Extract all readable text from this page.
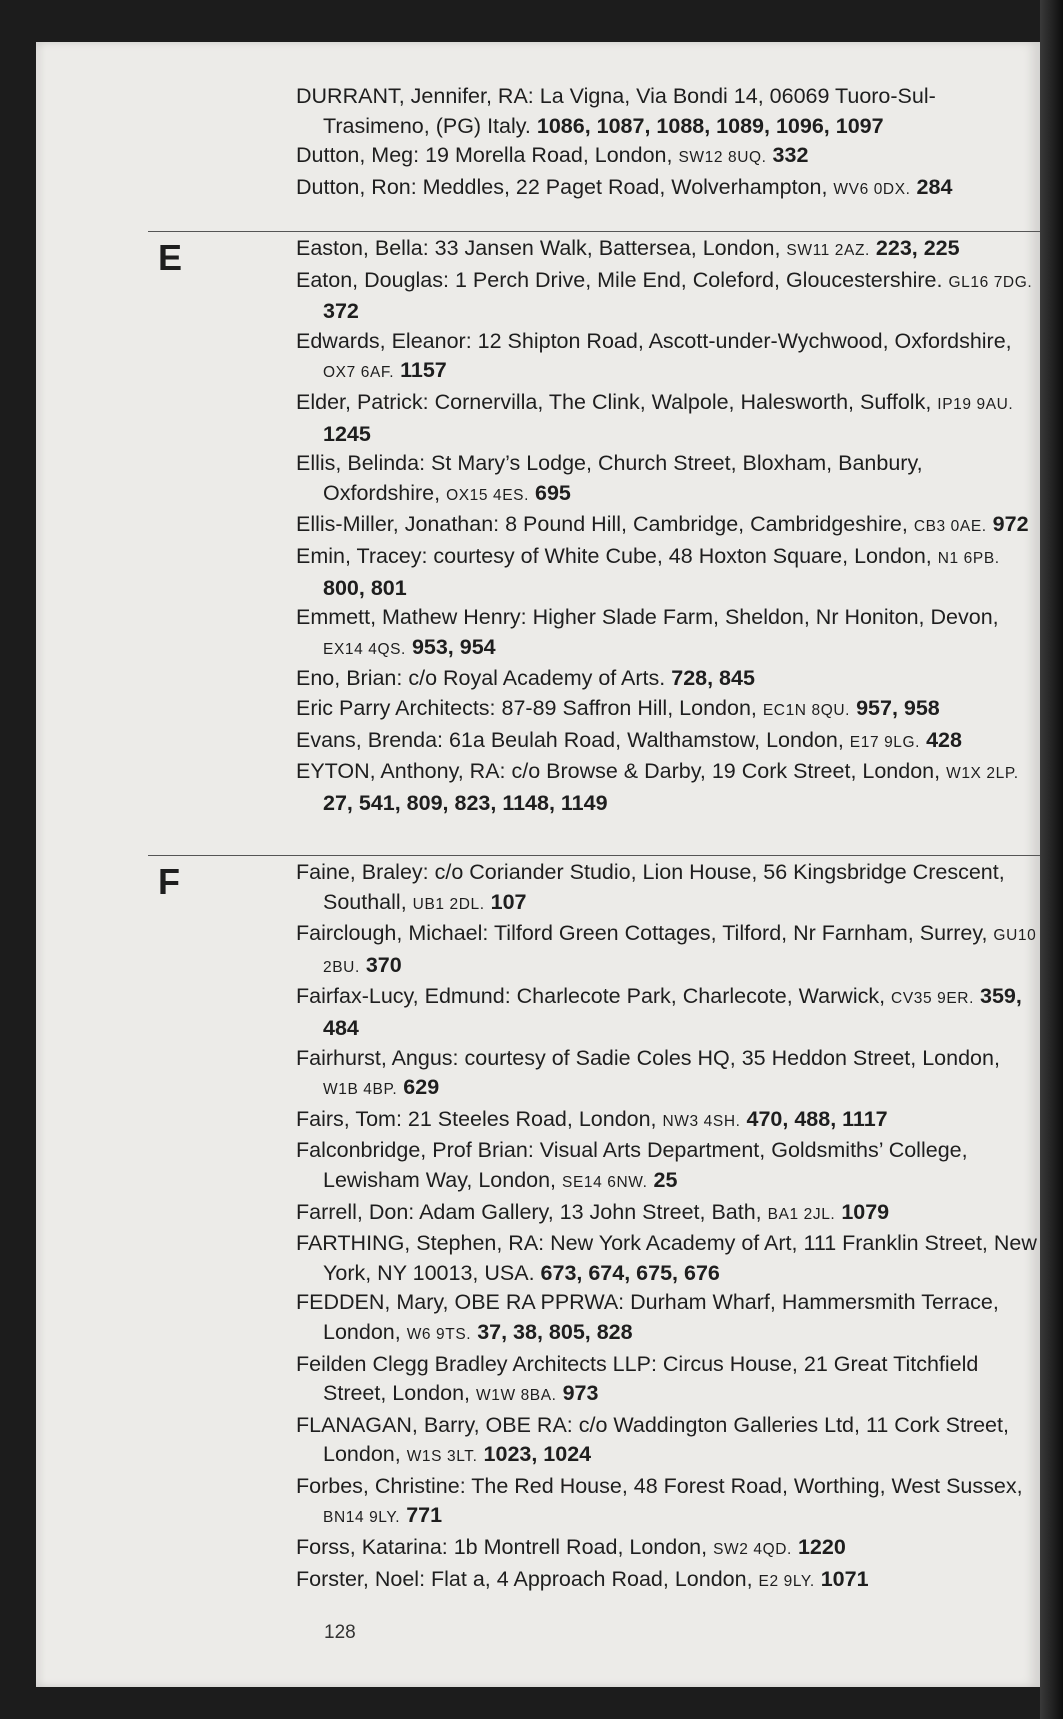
DURRANT, Jennifer, RA: La Vigna, Via Bondi 14, 06069 Tuoro-Sul-Trasimeno, (PG) Italy. 1086, 1087, 1088, 1089, 1096, 1097

Dutton, Meg: 19 Morella Road, London, SW12 8UQ. 332

Dutton, Ron: Meddles, 22 Paget Road, Wolverhampton, WV6 0DX. 284

E	Easton, Bella: 33 Jansen Walk, Battersea, London, SW11 2AZ. 223, 225

Eaton, Douglas: 1 Perch Drive, Mile End, Coleford, Gloucestershire. GL16 7DG. 372

Edwards, Eleanor: 12 Shipton Road, Ascott-under-Wychwood, Oxfordshire, OX7 6AF. 1157

Elder, Patrick: Cornervilla, The Clink, Walpole, Halesworth, Suffolk, IP19 9AU. 1245

Ellis, Belinda: St Mary’s Lodge, Church Street, Bloxham, Banbury, Oxfordshire, OX15 4ES. 695

Ellis-Miller, Jonathan: 8 Pound Hill, Cambridge, Cambridgeshire, CB3 0AE. 972

Emin, Tracey: courtesy of White Cube, 48 Hoxton Square, London, N1 6PB. 800, 801

Emmett, Mathew Henry: Higher Slade Farm, Sheldon, Nr Honiton, Devon, EX14 4QS. 953, 954

Eno, Brian: c/o Royal Academy of Arts. 728, 845

Eric Parry Architects: 87-89 Saffron Hill, London, EC1N 8QU. 957, 958

Evans, Brenda: 61a Beulah Road, Walthamstow, London, E17 9LG. 428

EYTON, Anthony, RA: c/o Browse & Darby, 19 Cork Street, London, W1X 2LP. 27, 541, 809, 823, 1148, 1149

F	Faine, Braley: c/o Coriander Studio, Lion House, 56 Kingsbridge Crescent, Southall, UB1 2DL. 107

Fairclough, Michael: Tilford Green Cottages, Tilford, Nr Farnham, Surrey, GU10 2BU. 370

Fairfax-Lucy, Edmund: Charlecote Park, Charlecote, Warwick, CV35 9ER. 359, 484

Fairhurst, Angus: courtesy of Sadie Coles HQ, 35 Heddon Street, London, W1B 4BP. 629

Fairs, Tom: 21 Steeles Road, London, NW3 4SH. 470, 488, 1117

Falconbridge, Prof Brian: Visual Arts Department, Goldsmiths’ College, Lewisham Way, London, SE14 6NW. 25

Farrell, Don: Adam Gallery, 13 John Street, Bath, BA1 2JL. 1079

FARTHING, Stephen, RA: New York Academy of Art, 111 Franklin Street, New York, NY 10013, USA. 673, 674, 675, 676

FEDDEN, Mary, OBE RA PPRWA: Durham Wharf, Hammersmith Terrace, London, W6 9TS. 37, 38, 805, 828

Feilden Clegg Bradley Architects LLP: Circus House, 21 Great Titchfield Street, London, W1W 8BA. 973

FLANAGAN, Barry, OBE RA: c/o Waddington Galleries Ltd, 11 Cork Street, London, W1S 3LT. 1023, 1024

Forbes, Christine: The Red House, 48 Forest Road, Worthing, West Sussex, BN14 9LY. 771

Forss, Katarina: 1b Montrell Road, London, SW2 4QD. 1220

Forster, Noel: Flat a, 4 Approach Road, London, E2 9LY. 1071

128
